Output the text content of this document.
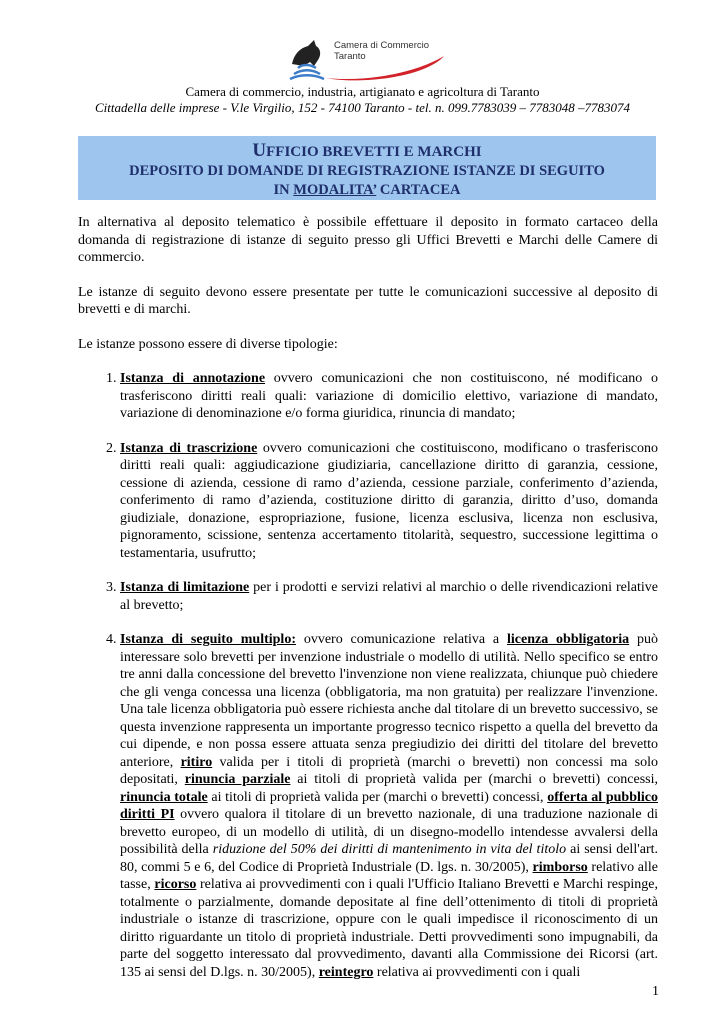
Camera di Commercio
Taranto
Camera di commercio, industria, artigianato e agricoltura di Taranto
Cittadella delle imprese - V.le Virgilio, 152 - 74100 Taranto - tel. n. 099.7783039 – 7783048 –7783074
UFFICIO BREVETTI E MARCHI
DEPOSITO DI DOMANDE DI REGISTRAZIONE ISTANZE DI SEGUITO
IN MODALITA’ CARTACEA

In alternativa al deposito telematico è possibile effettuare il deposito in formato cartaceo della domanda di registrazione di istanze di seguito presso gli Uffici Brevetti e Marchi delle Camere di commercio.

Le istanze di seguito devono essere presentate per tutte le comunicazioni successive al deposito di brevetti e di marchi.

Le istanze possono essere di diverse tipologie:

1. Istanza di annotazione ovvero comunicazioni che non costituiscono, né modificano o trasferiscono diritti reali quali: variazione di domicilio elettivo, variazione di mandato, variazione di denominazione e/o forma giuridica, rinuncia di mandato;
2. Istanza di trascrizione ovvero comunicazioni che costituiscono, modificano o trasferiscono diritti reali quali: aggiudicazione giudiziaria, cancellazione diritto di garanzia, cessione, cessione di azienda, cessione di ramo d’azienda, cessione parziale, conferimento d’azienda, conferimento di ramo d’azienda, costituzione diritto di garanzia, diritto d’uso, domanda giudiziale, donazione, espropriazione, fusione, licenza esclusiva, licenza non esclusiva, pignoramento, scissione, sentenza accertamento titolarità, sequestro, successione legittima o testamentaria, usufrutto;
3. Istanza di limitazione per i prodotti e servizi relativi al marchio o delle rivendicazioni relative al brevetto;
4. Istanza di seguito multiplo: ovvero comunicazione relativa a licenza obbligatoria può interessare solo brevetti per invenzione industriale o modello di utilità. Nello specifico se entro tre anni dalla concessione del brevetto l'invenzione non viene realizzata, chiunque può chiedere che gli venga concessa una licenza (obbligatoria, ma non gratuita) per realizzare l'invenzione. Una tale licenza obbligatoria può essere richiesta anche dal titolare di un brevetto successivo, se questa invenzione rappresenta un importante progresso tecnico rispetto a quella del brevetto da cui dipende, e non possa essere attuata senza pregiudizio dei diritti del titolare del brevetto anteriore, ritiro valida per i titoli di proprietà (marchi o brevetti) non concessi ma solo depositati, rinuncia parziale ai titoli di proprietà valida per (marchi o brevetti) concessi, rinuncia totale ai titoli di proprietà valida per (marchi o brevetti) concessi, offerta al pubblico diritti PI ovvero qualora il titolare di un brevetto nazionale, di una traduzione nazionale di brevetto europeo, di un modello di utilità, di un disegno-modello intendesse avvalersi della possibilità della riduzione del 50% dei diritti di mantenimento in vita del titolo ai sensi dell'art. 80, commi 5 e 6, del Codice di Proprietà Industriale (D. lgs. n. 30/2005), rimborso relativo alle tasse, ricorso relativa ai provvedimenti con i quali l'Ufficio Italiano Brevetti e Marchi respinge, totalmente o parzialmente, domande depositate al fine dell’ottenimento di titoli di proprietà industriale o istanze di trascrizione, oppure con le quali impedisce il riconoscimento di un diritto riguardante un titolo di proprietà industriale. Detti provvedimenti sono impugnabili, da parte del soggetto interessato dal provvedimento, davanti alla Commissione dei Ricorsi (art. 135 ai sensi del D.lgs. n. 30/2005), reintegro relativa ai provvedimenti con i quali
1
